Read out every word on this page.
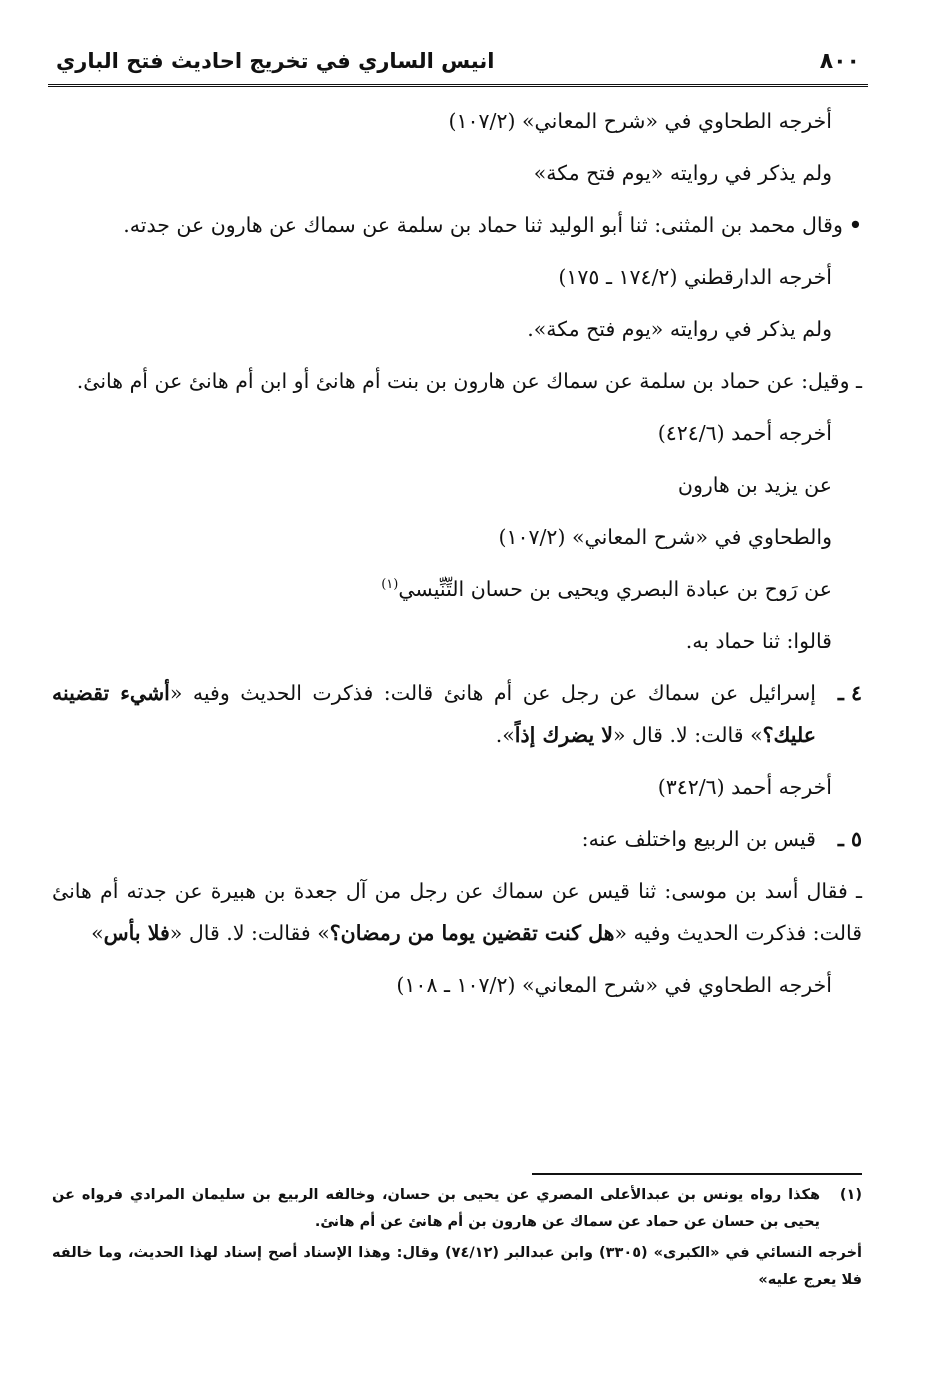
٨٠٠
انيس الساري في تخريج احاديث فتح الباري

أخرجه الطحاوي في «شرح المعاني» (١٠٧/٢)

ولم يذكر في روايته «يوم فتح مكة»

•وقال محمد بن المثنى: ثنا أبو الوليد ثنا حماد بن سلمة عن سماك عن هارون عن جدته.

أخرجه الدارقطني (١٧٤/٢ ـ ١٧٥)

ولم يذكر في روايته «يوم فتح مكة».

ـ وقيل: عن حماد بن سلمة عن سماك عن هارون بن بنت أم هانئ أو ابن أم هانئ عن أم هانئ.

أخرجه أحمد (٤٢٤/٦)

عن يزيد بن هارون

والطحاوي في «شرح المعاني» (١٠٧/٢)

عن رَوح بن عبادة البصري ويحيى بن حسان التِّنِّيسي$^{(١)}$

قالوا: ثنا حماد به.

٤ ـ
إسرائيل عن سماك عن رجل عن أم هانئ قالت: فذكرت الحديث وفيه «أشيء تقضينه عليك؟» قالت: لا. قال «لا يضرك إذاً».

أخرجه أحمد (٣٤٢/٦)

٥ ـ
قيس بن الربيع واختلف عنه:

ـ فقال أسد بن موسى: ثنا قيس عن سماك عن رجل من آل جعدة بن هبيرة عن جدته أم هانئ قالت: فذكرت الحديث وفيه «هل كنت تقضين يوما من رمضان؟» فقالت: لا. قال «فلا بأس»

أخرجه الطحاوي في «شرح المعاني» (١٠٧/٢ ـ ١٠٨)

(١)
هكذا رواه يونس بن عبدالأعلى المصري عن يحيى بن حسان، وخالفه الربيع بن سليمان المرادي فرواه عن يحيى بن حسان عن حماد عن سماك عن هارون بن أم هانئ عن أم هانئ.
أخرجه النسائي في «الكبرى» (٣٣٠٥) وابن عبدالبر (٧٤/١٢) وقال: وهذا الإسناد أصح إسناد لهذا الحديث، وما خالفه فلا يعرج عليه»
